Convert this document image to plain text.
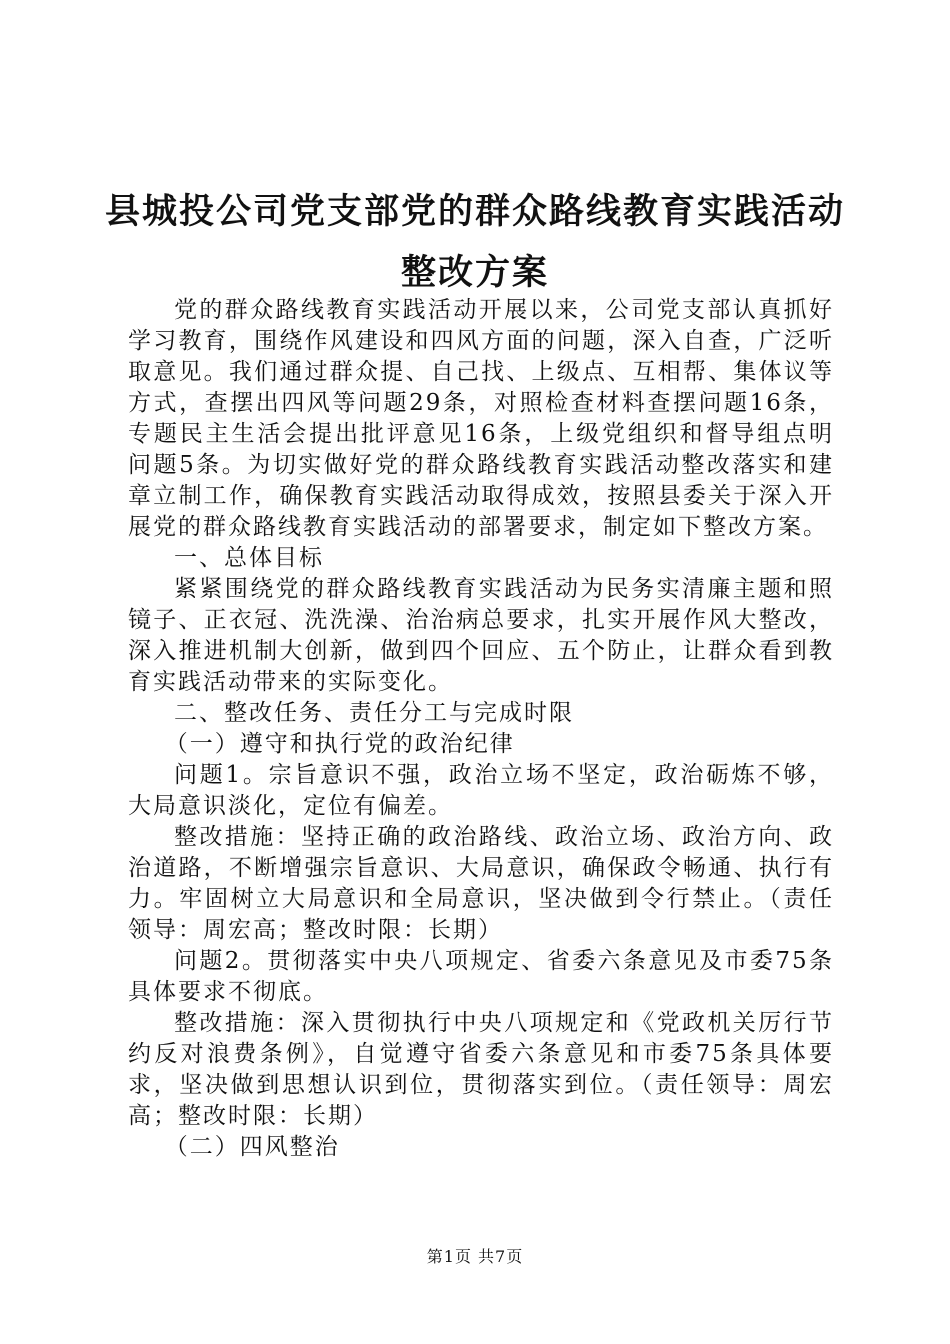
县城投公司党支部党的群众路线教育实践活动
整改方案

党的群众路线教育实践活动开展以来，公司党支部认真抓好学习教育，围绕作风建设和四风方面的问题，深入自查，广泛听取意见。我们通过群众提、自己找、上级点、互相帮、集体议等方式，查摆出四风等问题29条，对照检查材料查摆问题16条，专题民主生活会提出批评意见16条，上级党组织和督导组点明问题5条。为切实做好党的群众路线教育实践活动整改落实和建章立制工作，确保教育实践活动取得成效，按照县委关于深入开展党的群众路线教育实践活动的部署要求，制定如下整改方案。

一、总体目标

紧紧围绕党的群众路线教育实践活动为民务实清廉主题和照镜子、正衣冠、洗洗澡、治治病总要求，扎实开展作风大整改，深入推进机制大创新，做到四个回应、五个防止，让群众看到教育实践活动带来的实际变化。

二、整改任务、责任分工与完成时限

（一）遵守和执行党的政治纪律

问题1。宗旨意识不强，政治立场不坚定，政治砺炼不够，大局意识淡化，定位有偏差。

整改措施：坚持正确的政治路线、政治立场、政治方向、政治道路，不断增强宗旨意识、大局意识，确保政令畅通、执行有力。牢固树立大局意识和全局意识，坚决做到令行禁止。（责任领导：周宏高；整改时限：长期）

问题2。贯彻落实中央八项规定、省委六条意见及市委75条具体要求不彻底。

整改措施：深入贯彻执行中央八项规定和《党政机关厉行节约反对浪费条例》，自觉遵守省委六条意见和市委75条具体要求，坚决做到思想认识到位，贯彻落实到位。（责任领导：周宏高；整改时限：长期）

（二）四风整治

第1页 共7页
